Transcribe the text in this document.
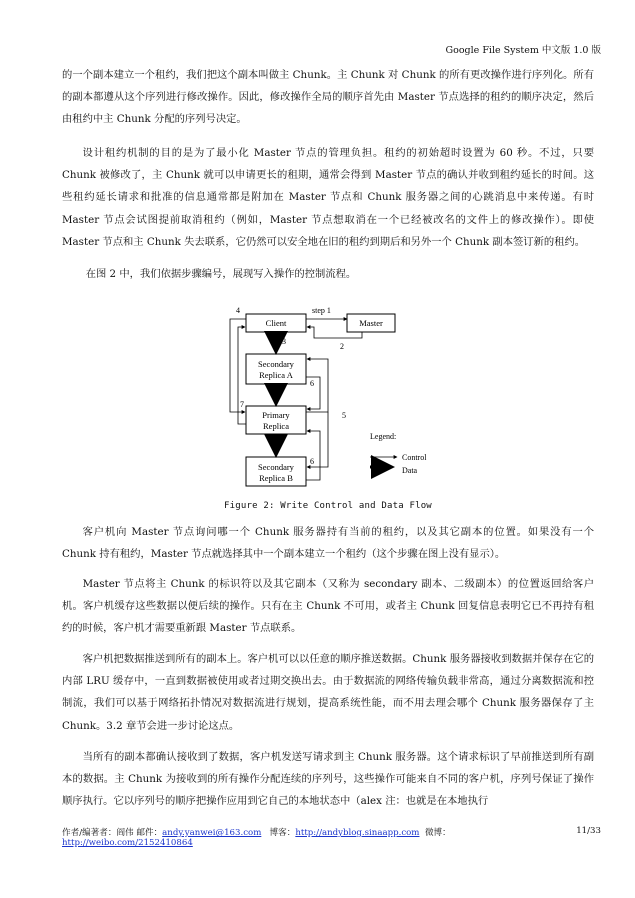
Google File System 中文版 1.0 版

的一个副本建立一个租约，我们把这个副本叫做主 Chunk。主 Chunk 对 Chunk 的所有更改操作进行序列化。所有的副本都遵从这个序列进行修改操作。因此，修改操作全局的顺序首先由 Master 节点选择的租约的顺序决定，然后由租约中主 Chunk 分配的序列号决定。

设计租约机制的目的是为了最小化 Master 节点的管理负担。租约的初始超时设置为 60 秒。不过，只要 Chunk 被修改了，主 Chunk 就可以申请更长的租期，通常会得到 Master 节点的确认并收到租约延长的时间。这些租约延长请求和批准的信息通常都是附加在 Master 节点和 Chunk 服务器之间的心跳消息中来传递。有时 Master 节点会试图提前取消租约（例如，Master 节点想取消在一个已经被改名的文件上的修改操作）。即使 Master 节点和主 Chunk 失去联系，它仍然可以安全地在旧的租约到期后和另外一个 Chunk 副本签订新的租约。

在图 2 中，我们依据步骤编号，展现写入操作的控制流程。

Client	Master
Secondary
Replica A
Primary
Replica
Secondary
Replica B
step 1
2
3
4
7
5
6
6
Legend:
Control
Data
Figure 2: Write Control and Data Flow

客户机向 Master 节点询问哪一个 Chunk 服务器持有当前的租约，以及其它副本的位置。如果没有一个 Chunk 持有租约，Master 节点就选择其中一个副本建立一个租约（这个步骤在图上没有显示）。

Master 节点将主 Chunk 的标识符以及其它副本（又称为 secondary 副本、二级副本）的位置返回给客户机。客户机缓存这些数据以便后续的操作。只有在主 Chunk 不可用，或者主 Chunk 回复信息表明它已不再持有租约的时候，客户机才需要重新跟 Master 节点联系。

客户机把数据推送到所有的副本上。客户机可以以任意的顺序推送数据。Chunk 服务器接收到数据并保存在它的内部 LRU 缓存中，一直到数据被使用或者过期交换出去。由于数据流的网络传输负载非常高，通过分离数据流和控制流，我们可以基于网络拓扑情况对数据流进行规划，提高系统性能，而不用去理会哪个 Chunk 服务器保存了主 Chunk。3.2 章节会进一步讨论这点。

当所有的副本都确认接收到了数据，客户机发送写请求到主 Chunk 服务器。这个请求标识了早前推送到所有副本的数据。主 Chunk 为接收到的所有操作分配连续的序列号，这些操作可能来自不同的客户机，序列号保证了操作顺序执行。它以序列号的顺序把操作应用到它自己的本地状态中（alex 注：也就是在本地执行

作者/编著者：阎伟 邮件：andy.yanwei@163.com 博客：http://andyblog.sinaapp.com 微博：http://weibo.com/2152410864
11/33
